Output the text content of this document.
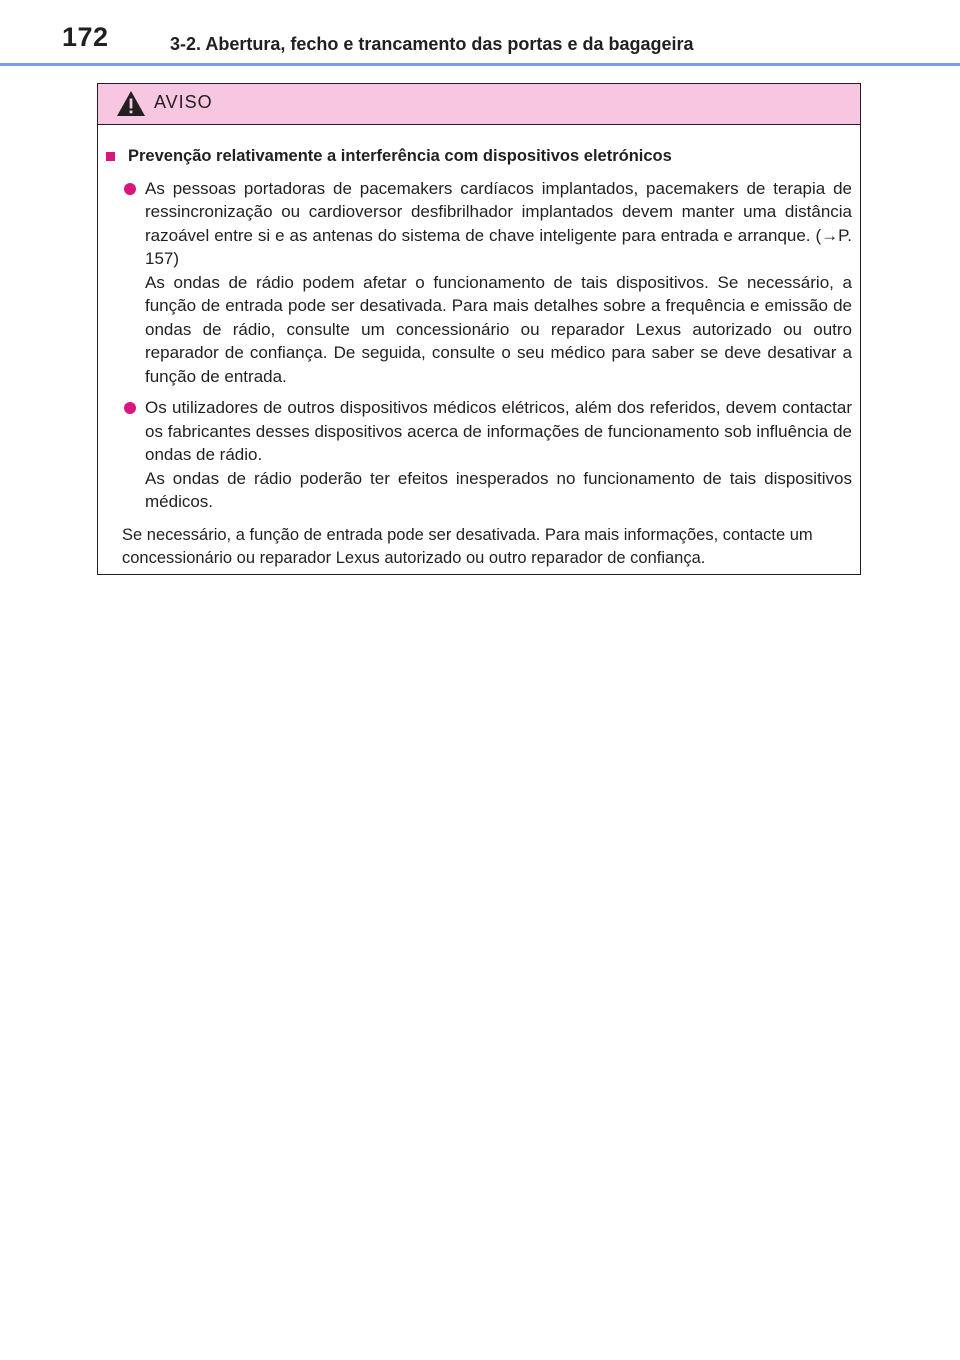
172	3-2. Abertura, fecho e trancamento das portas e da bagageira
AVISO
Prevenção relativamente a interferência com dispositivos eletrónicos

As pessoas portadoras de pacemakers cardíacos implantados, pacemakers de terapia de ressincronização ou cardioversor desfibrilhador implantados devem manter uma distância razoável entre si e as antenas do sistema de chave inteligente para entrada e arranque. (→P. 157)

As ondas de rádio podem afetar o funcionamento de tais dispositivos. Se necessário, a função de entrada pode ser desativada. Para mais detalhes sobre a frequência e emissão de ondas de rádio, consulte um concessionário ou reparador Lexus autorizado ou outro reparador de confiança. De seguida, consulte o seu médico para saber se deve desativar a função de entrada.

Os utilizadores de outros dispositivos médicos elétricos, além dos referidos, devem contactar os fabricantes desses dispositivos acerca de informações de funcionamento sob influência de ondas de rádio.

As ondas de rádio poderão ter efeitos inesperados no funcionamento de tais dispositivos médicos.

Se necessário, a função de entrada pode ser desativada. Para mais informações, contacte um concessionário ou reparador Lexus autorizado ou outro reparador de confiança.
